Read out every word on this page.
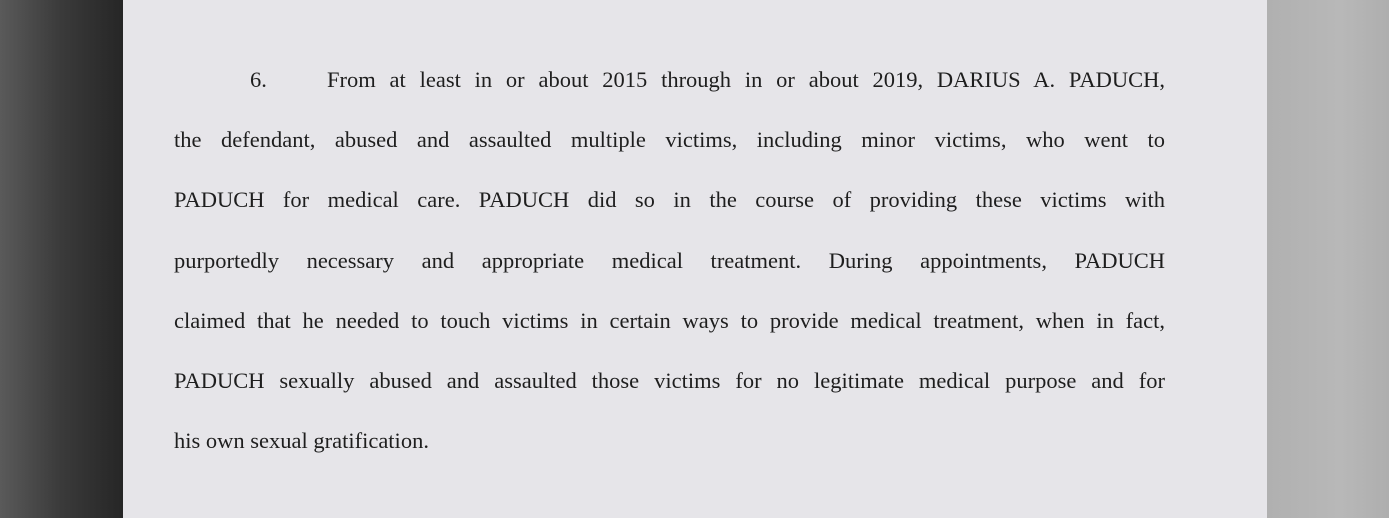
6.	From at least in or about 2015 through in or about 2019, DARIUS A. PADUCH,
the defendant, abused and assaulted multiple victims, including minor victims, who went to
PADUCH for medical care. PADUCH did so in the course of providing these victims with
purportedly necessary and appropriate medical treatment. During appointments, PADUCH
claimed that he needed to touch victims in certain ways to provide medical treatment, when in fact,
PADUCH sexually abused and assaulted those victims for no legitimate medical purpose and for
his own sexual gratification.
